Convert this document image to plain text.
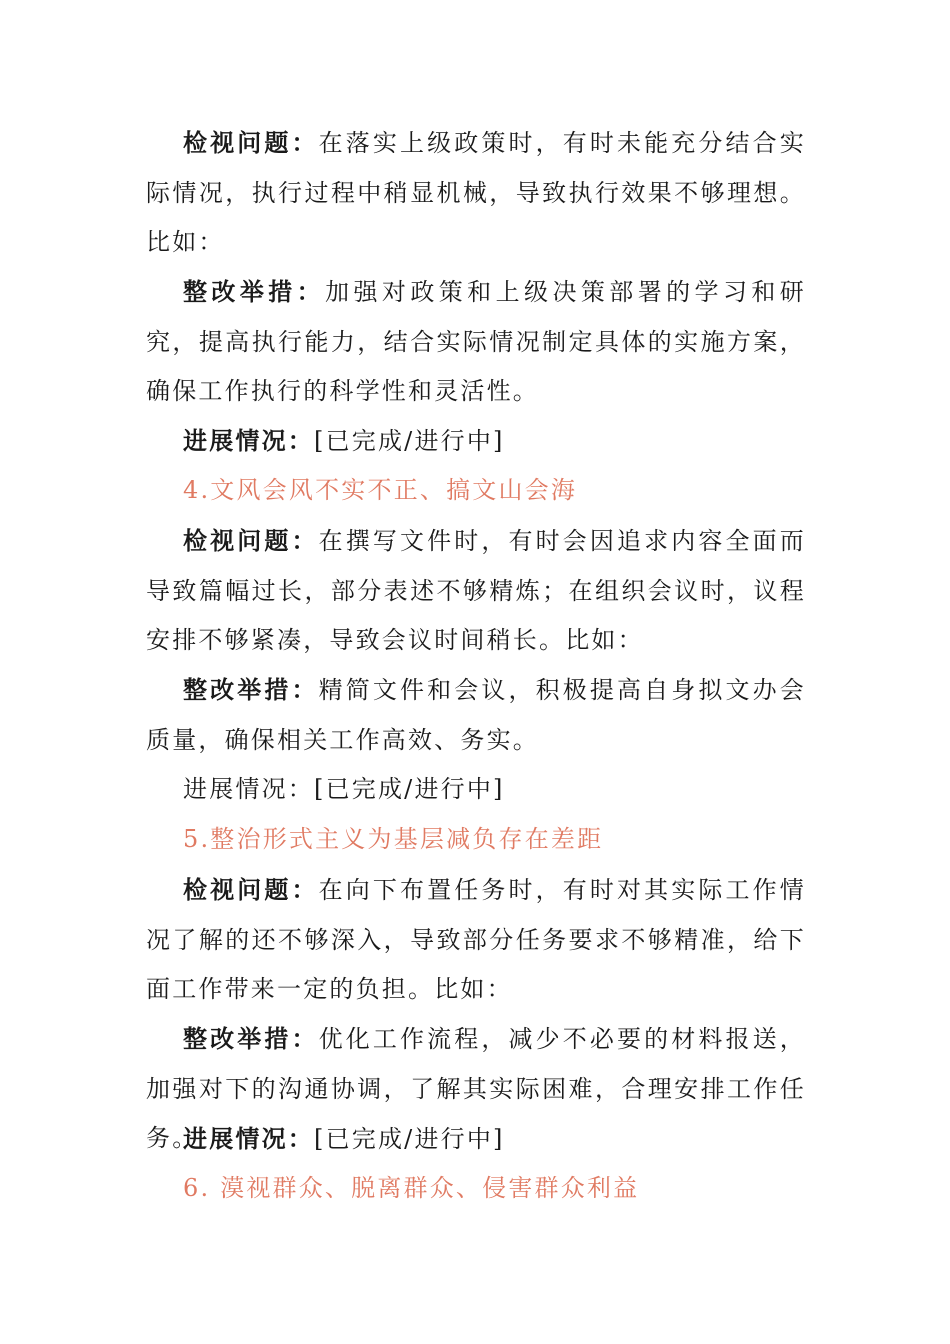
检视问题：在落实上级政策时，有时未能充分结合实际情况，执行过程中稍显机械，导致执行效果不够理想。比如：

整改举措：加强对政策和上级决策部署的学习和研究，提高执行能力，结合实际情况制定具体的实施方案，确保工作执行的科学性和灵活性。

进展情况：[已完成/进行中]

4.文风会风不实不正、搞文山会海

检视问题：在撰写文件时，有时会因追求内容全面而导致篇幅过长，部分表述不够精炼；在组织会议时，议程安排不够紧凑，导致会议时间稍长。比如：

整改举措：精简文件和会议，积极提高自身拟文办会质量，确保相关工作高效、务实。

进展情况：[已完成/进行中]

5.整治形式主义为基层减负存在差距

检视问题：在向下布置任务时，有时对其实际工作情况了解的还不够深入，导致部分任务要求不够精准，给下面工作带来一定的负担。比如：

整改举措：优化工作流程，减少不必要的材料报送，加强对下的沟通协调，了解其实际困难，合理安排工作任务。

进展情况：[已完成/进行中]

6. 漠视群众、脱离群众、侵害群众利益
